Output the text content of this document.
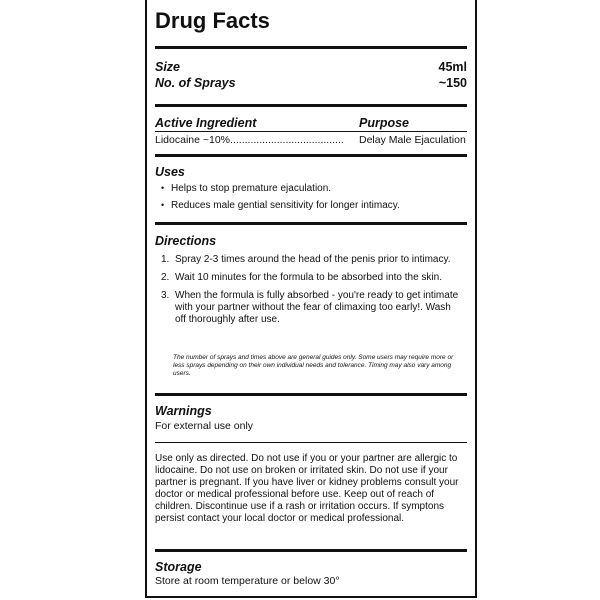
Drug Facts
Size	45ml
No. of Sprays	~150
Active Ingredient	Purpose
Lidocaine ~10%....................................... Delay Male Ejaculation
Uses
• Helps to stop premature ejaculation.
• Reduces male gential sensitivity for longer intimacy.
Directions
1. Spray 2-3 times around the head of the penis prior to intimacy.
2. Wait 10 minutes for the formula to be absorbed into the skin.
3. When the formula is fully absorbed - you're ready to get intimate with your partner without the fear of climaxing too early!. Wash off thoroughly after use.
The number of sprays and times above are general guides only. Some users may require more or less sprays depending on their own individual needs and tolerance. Timing may also vary among users.
Warnings
For external use only
Use only as directed. Do not use if you or your partner are allergic to lidocaine. Do not use on broken or irritated skin. Do not use if your partner is pregnant. If you have liver or kidney problems consult your doctor or medical professional before use. Keep out of reach of children. Discontinue use if a rash or irritation occurs. If symptons persist contact your local doctor or medical professional.
Storage
Store at room temperature or below 30°
